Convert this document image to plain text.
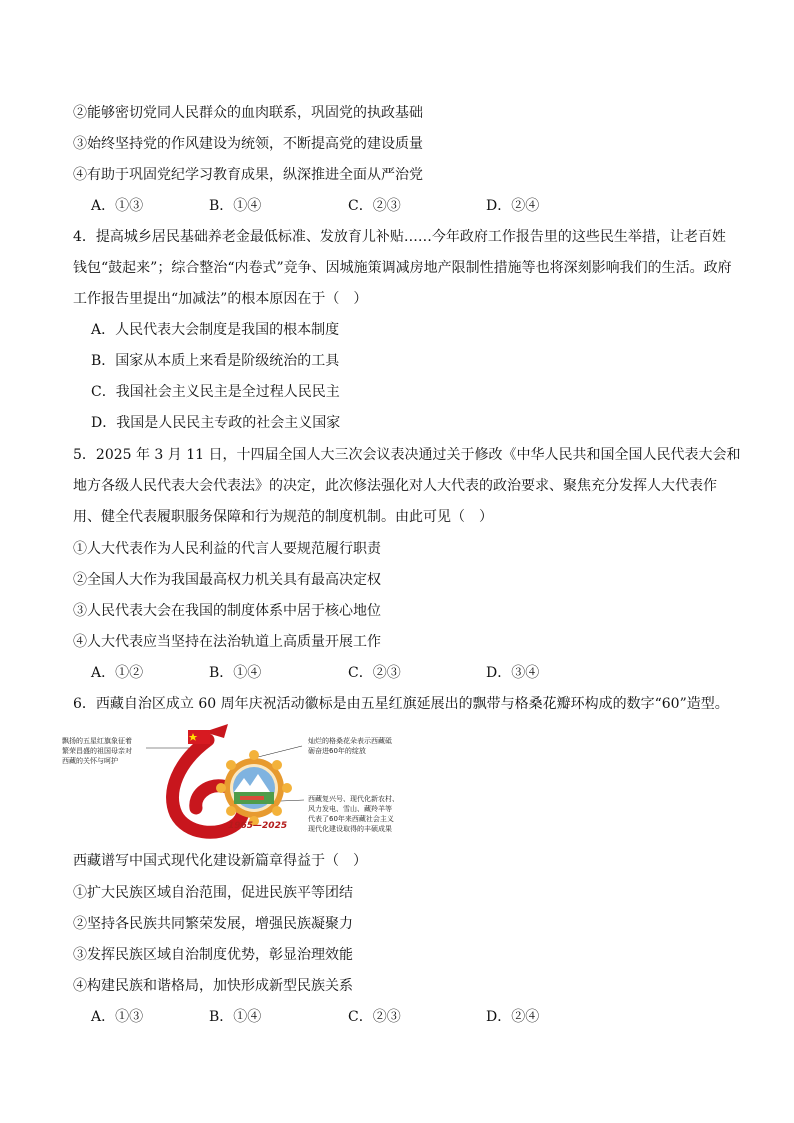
②能够密切党同人民群众的血肉联系，巩固党的执政基础
③始终坚持党的作风建设为统领，不断提高党的建设质量
④有助于巩固党纪学习教育成果，纵深推进全面从严治党
A．①③	B．①④	C．②③	D．②④
4．提高城乡居民基础养老金最低标准、发放育儿补贴……今年政府工作报告里的这些民生举措，让老百姓
钱包“鼓起来”；综合整治“内卷式”竞争、因城施策调减房地产限制性措施等也将深刻影响我们的生活。政府
工作报告里提出“加减法”的根本原因在于（　）
A．人民代表大会制度是我国的根本制度
B．国家从本质上来看是阶级统治的工具
C．我国社会主义民主是全过程人民民主
D．我国是人民民主专政的社会主义国家
5．2025 年 3 月 11 日，十四届全国人大三次会议表决通过关于修改《中华人民共和国全国人民代表大会和
地方各级人民代表大会代表法》的决定，此次修法强化对人大代表的政治要求、聚焦充分发挥人大代表作
用、健全代表履职服务保障和行为规范的制度机制。由此可见（　）
①人大代表作为人民利益的代言人要规范履行职责
②全国人大作为我国最高权力机关具有最高决定权
③人民代表大会在我国的制度体系中居于核心地位
④人大代表应当坚持在法治轨道上高质量开展工作
A．①②	B．①④	C．②③	D．③④
6．西藏自治区成立 60 周年庆祝活动徽标是由五星红旗延展出的飘带与格桑花瓣环构成的数字“60”造型。
飘扬的五星红旗象征着
繁荣昌盛的祖国母亲对
西藏的关怀与呵护
1965—2025
灿烂的格桑花朵表示西藏砥
砺奋进60年的绽放
西藏复兴号、现代化新农村、
风力发电、雪山、藏羚羊等
代表了60年来西藏社会主义
现代化建设取得的丰硕成果
西藏谱写中国式现代化建设新篇章得益于（　）
①扩大民族区域自治范围，促进民族平等团结
②坚持各民族共同繁荣发展，增强民族凝聚力
③发挥民族区域自治制度优势，彰显治理效能
④构建民族和谐格局，加快形成新型民族关系
A．①③	B．①④	C．②③	D．②④
